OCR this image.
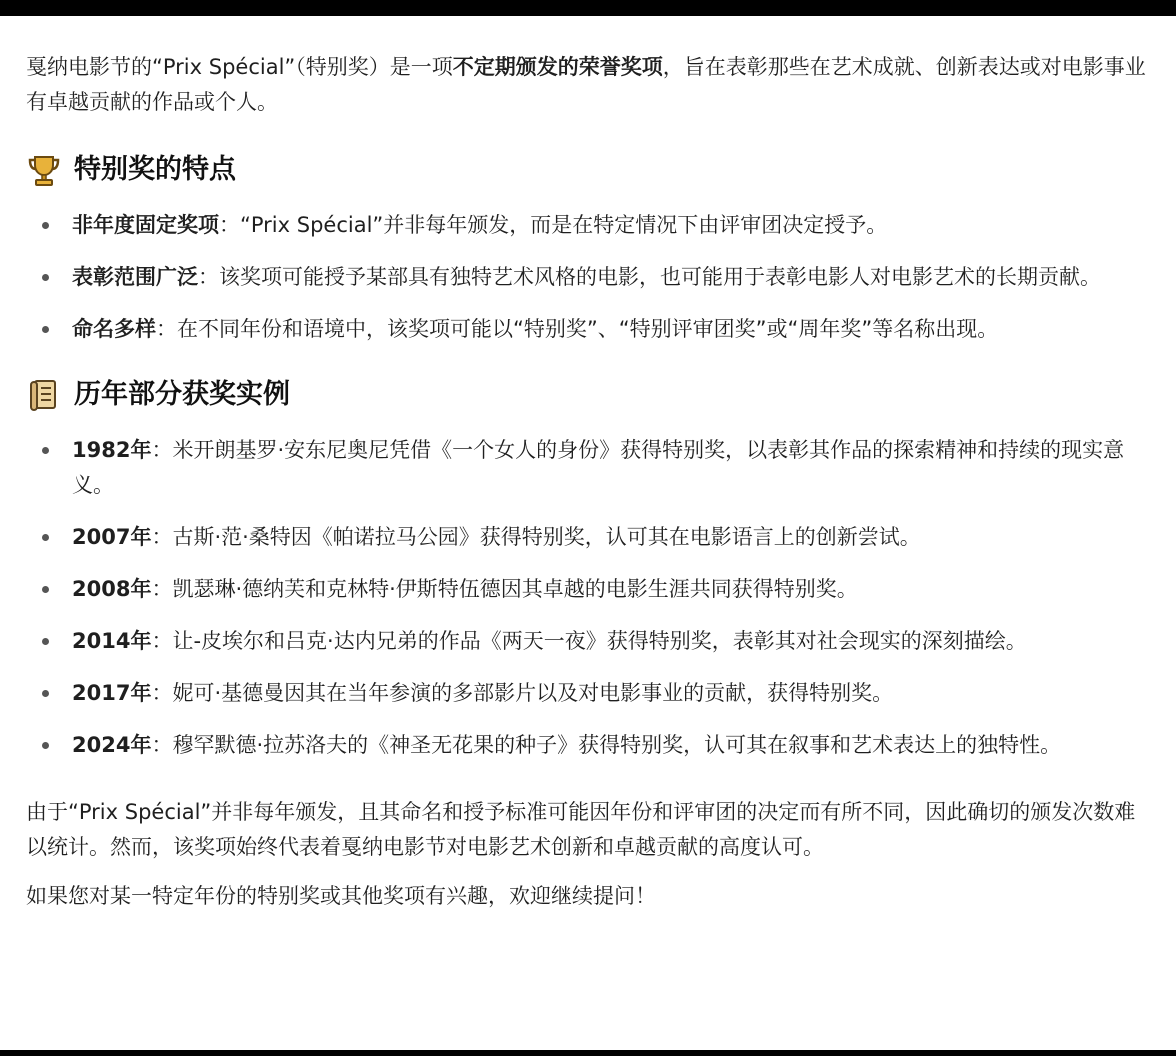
戛纳电影节的“Prix Spécial”（特别奖）是一项不定期颁发的荣誉奖项，旨在表彰那些在艺术成就、创新表达或对电影事业有卓越贡献的作品或个人。

特别奖的特点
非年度固定奖项：“Prix Spécial”并非每年颁发，而是在特定情况下由评审团决定授予。
表彰范围广泛：该奖项可能授予某部具有独特艺术风格的电影，也可能用于表彰电影人对电影艺术的长期贡献。
命名多样：在不同年份和语境中，该奖项可能以“特别奖”、“特别评审团奖”或“周年奖”等名称出现。
历年部分获奖实例
1982年：米开朗基罗·安东尼奥尼凭借《一个女人的身份》获得特别奖，以表彰其作品的探索精神和持续的现实意义。
2007年：古斯·范·桑特因《帕诺拉马公园》获得特别奖，认可其在电影语言上的创新尝试。
2008年：凯瑟琳·德纳芙和克林特·伊斯特伍德因其卓越的电影生涯共同获得特别奖。
2014年：让-皮埃尔和吕克·达内兄弟的作品《两天一夜》获得特别奖，表彰其对社会现实的深刻描绘。
2017年：妮可·基德曼因其在当年参演的多部影片以及对电影事业的贡献，获得特别奖。
2024年：穆罕默德·拉苏洛夫的《神圣无花果的种子》获得特别奖，认可其在叙事和艺术表达上的独特性。

由于“Prix Spécial”并非每年颁发，且其命名和授予标准可能因年份和评审团的决定而有所不同，因此确切的颁发次数难以统计。然而，该奖项始终代表着戛纳电影节对电影艺术创新和卓越贡献的高度认可。

如果您对某一特定年份的特别奖或其他奖项有兴趣，欢迎继续提问！
